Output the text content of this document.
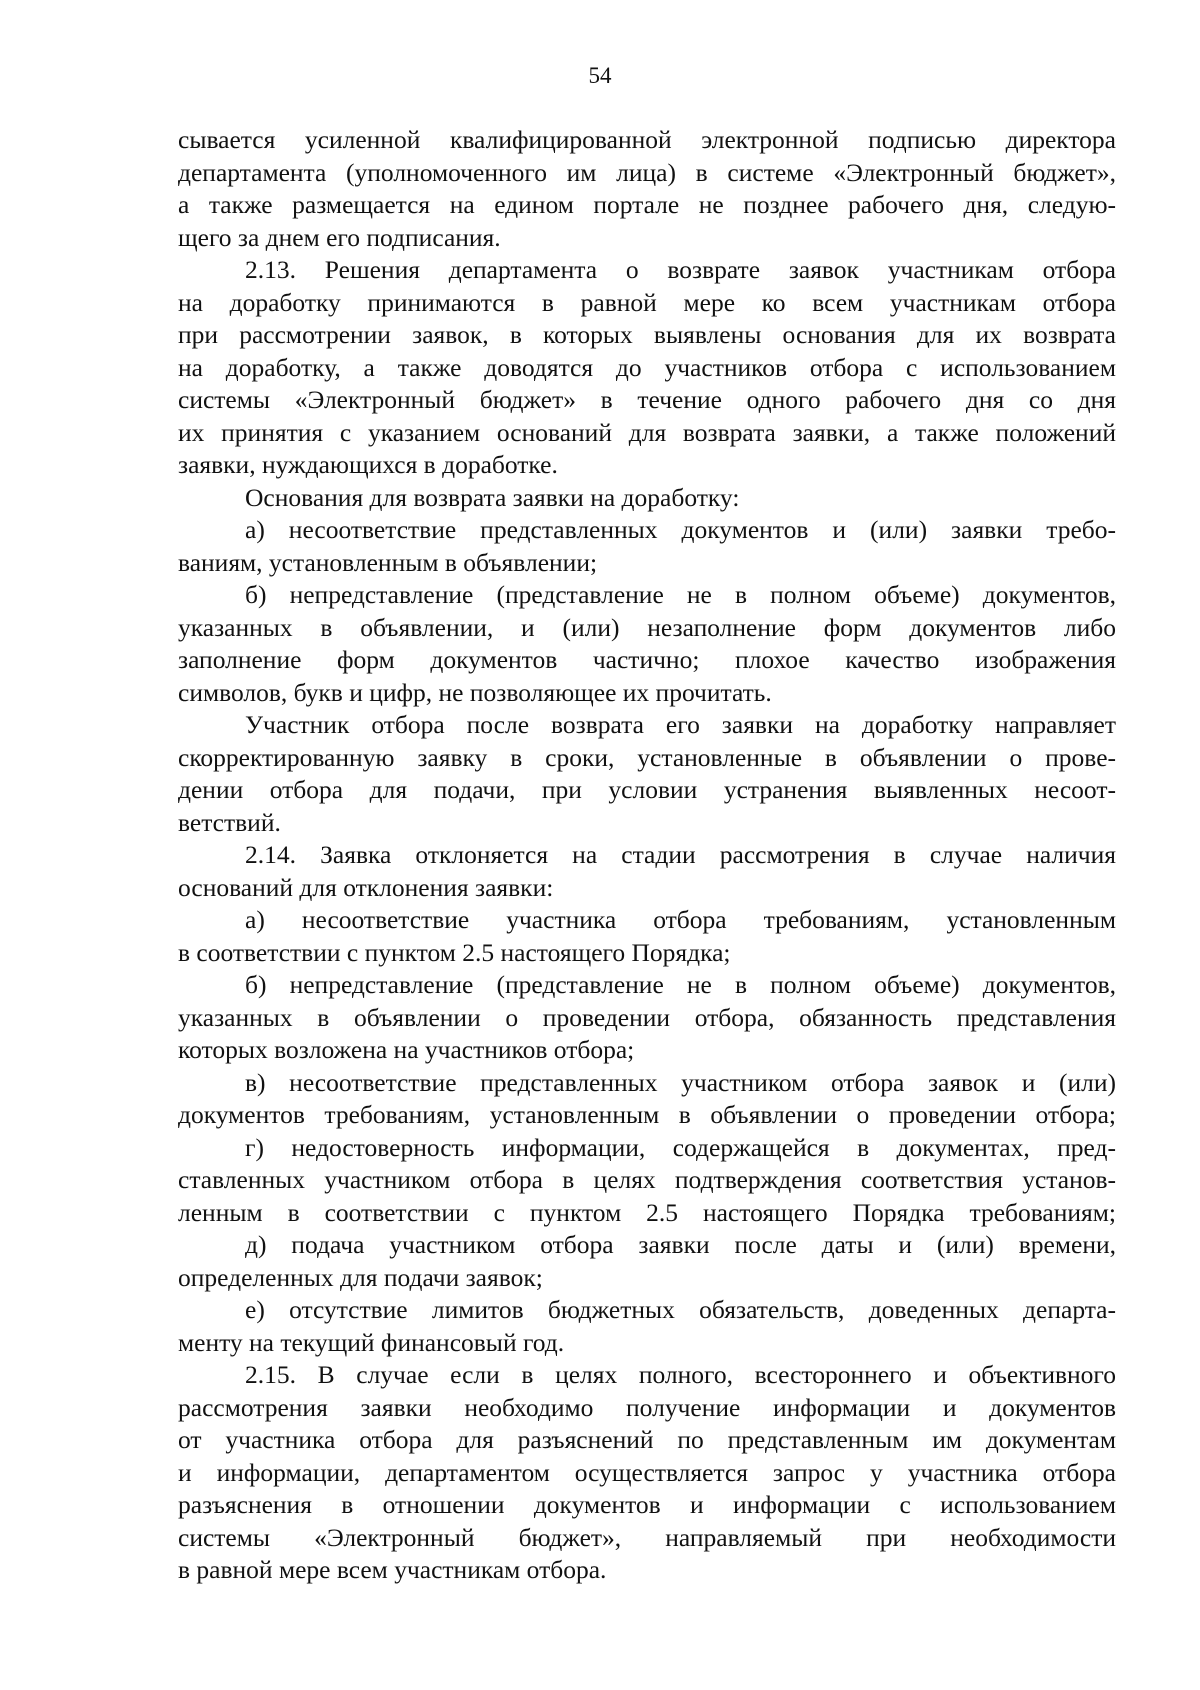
54
сывается усиленной квалифицированной электронной подписью директора
департамента (уполномоченного им лица) в системе «Электронный бюджет»,
а также размещается на едином портале не позднее рабочего дня, следую-
щего за днем его подписания.
2.13. Решения департамента о возврате заявок участникам отбора
на доработку принимаются в равной мере ко всем участникам отбора
при рассмотрении заявок, в которых выявлены основания для их возврата
на доработку, а также доводятся до участников отбора с использованием
системы «Электронный бюджет» в течение одного рабочего дня со дня
их принятия с указанием оснований для возврата заявки, а также положений
заявки, нуждающихся в доработке.
Основания для возврата заявки на доработку:
а) несоответствие представленных документов и (или) заявки требо-
ваниям, установленным в объявлении;
б) непредставление (представление не в полном объеме) документов,
указанных в объявлении, и (или) незаполнение форм документов либо
заполнение форм документов частично; плохое качество изображения
символов, букв и цифр, не позволяющее их прочитать.
Участник отбора после возврата его заявки на доработку направляет
скорректированную заявку в сроки, установленные в объявлении о прове-
дении отбора для подачи, при условии устранения выявленных несоот-
ветствий.
2.14. Заявка отклоняется на стадии рассмотрения в случае наличия
оснований для отклонения заявки:
а) несоответствие участника отбора требованиям, установленным
в соответствии с пунктом 2.5 настоящего Порядка;
б) непредставление (представление не в полном объеме) документов,
указанных в объявлении о проведении отбора, обязанность представления
которых возложена на участников отбора;
в) несоответствие представленных участником отбора заявок и (или)
документов требованиям, установленным в объявлении о проведении отбора;
г) недостоверность информации, содержащейся в документах, пред-
ставленных участником отбора в целях подтверждения соответствия установ-
ленным в соответствии с пунктом 2.5 настоящего Порядка требованиям;
д) подача участником отбора заявки после даты и (или) времени,
определенных для подачи заявок;
е) отсутствие лимитов бюджетных обязательств, доведенных департа-
менту на текущий финансовый год.
2.15. В случае если в целях полного, всестороннего и объективного
рассмотрения заявки необходимо получение информации и документов
от участника отбора для разъяснений по представленным им документам
и информации, департаментом осуществляется запрос у участника отбора
разъяснения в отношении документов и информации с использованием
системы «Электронный бюджет», направляемый при необходимости
в равной мере всем участникам отбора.
